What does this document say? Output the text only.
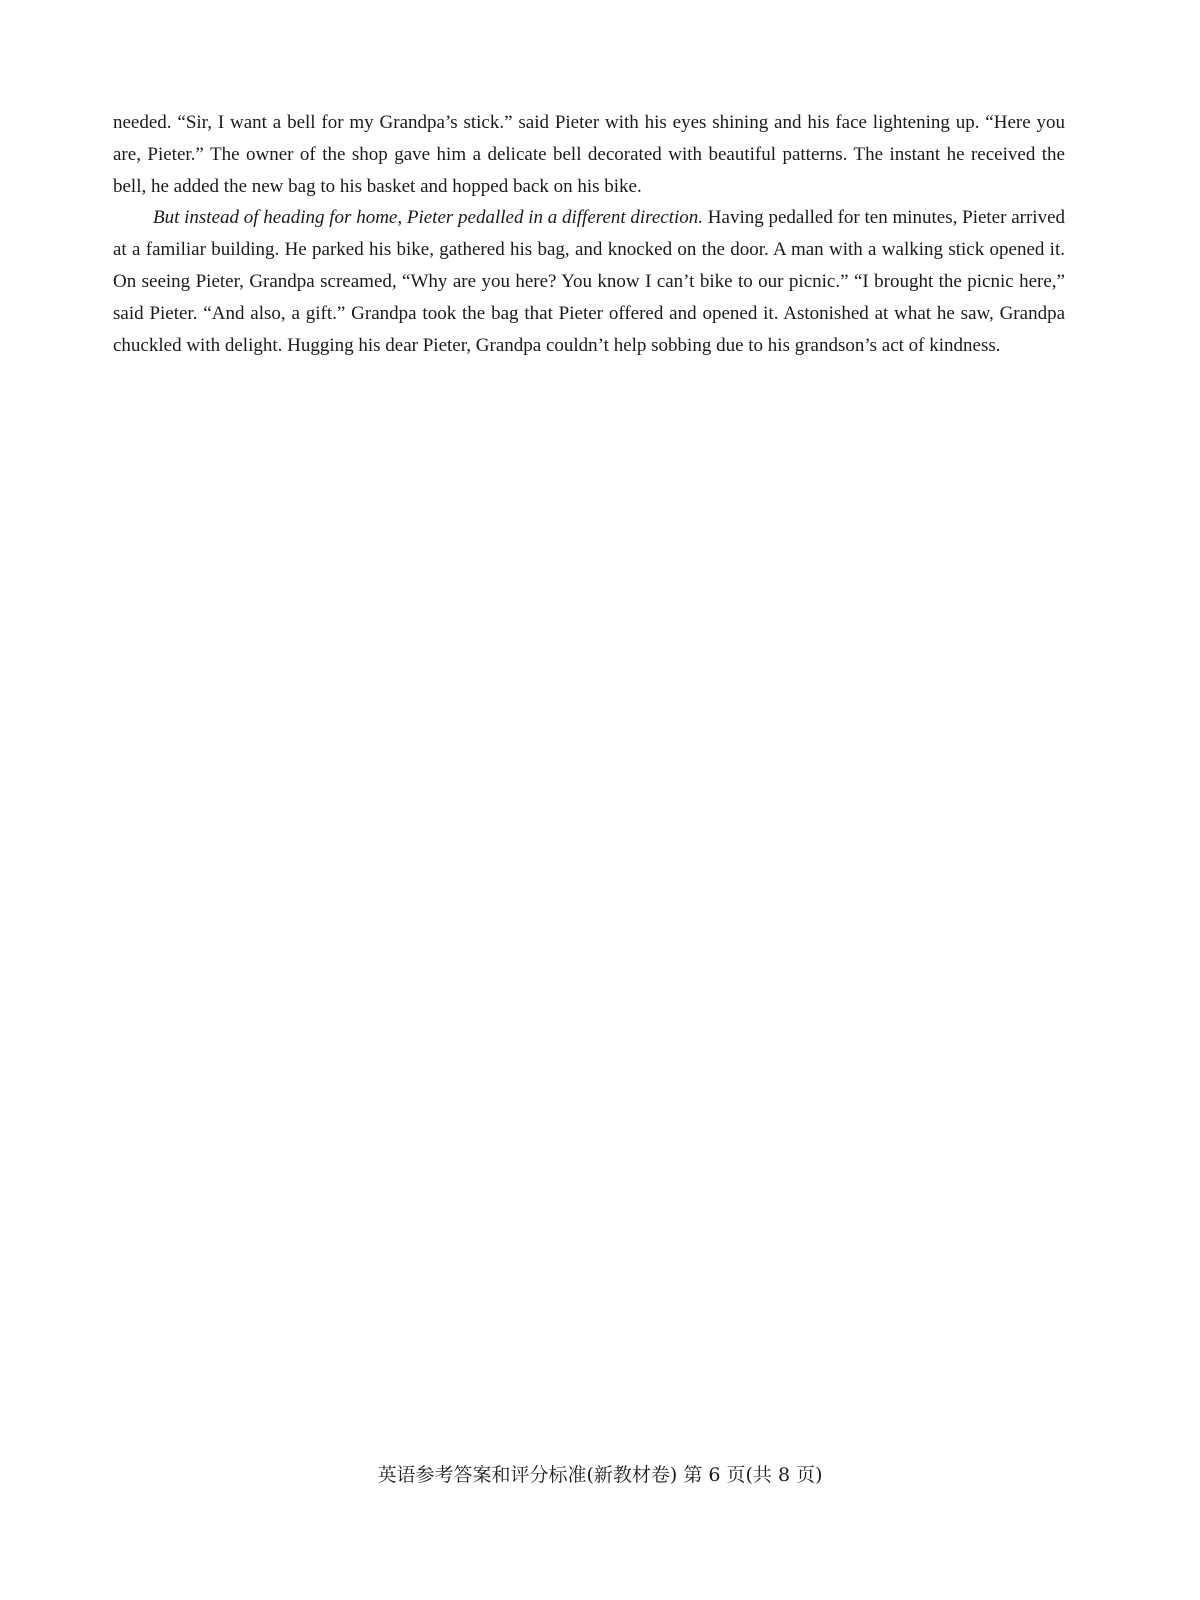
needed. “Sir, I want a bell for my Grandpa’s stick.” said Pieter with his eyes shining and his face lightening up. “Here you are, Pieter.” The owner of the shop gave him a delicate bell decorated with beautiful patterns. The instant he received the bell, he added the new bag to his basket and hopped back on his bike.

But instead of heading for home, Pieter pedalled in a different direction. Having pedalled for ten minutes, Pieter arrived at a familiar building. He parked his bike, gathered his bag, and knocked on the door. A man with a walking stick opened it. On seeing Pieter, Grandpa screamed, “Why are you here? You know I can’t bike to our picnic.” “I brought the picnic here,” said Pieter. “And also, a gift.” Grandpa took the bag that Pieter offered and opened it. Astonished at what he saw, Grandpa chuckled with delight. Hugging his dear Pieter, Grandpa couldn’t help sobbing due to his grandson’s act of kindness.

英语参考答案和评分标准(新教材卷) 第 6 页(共 8 页)
